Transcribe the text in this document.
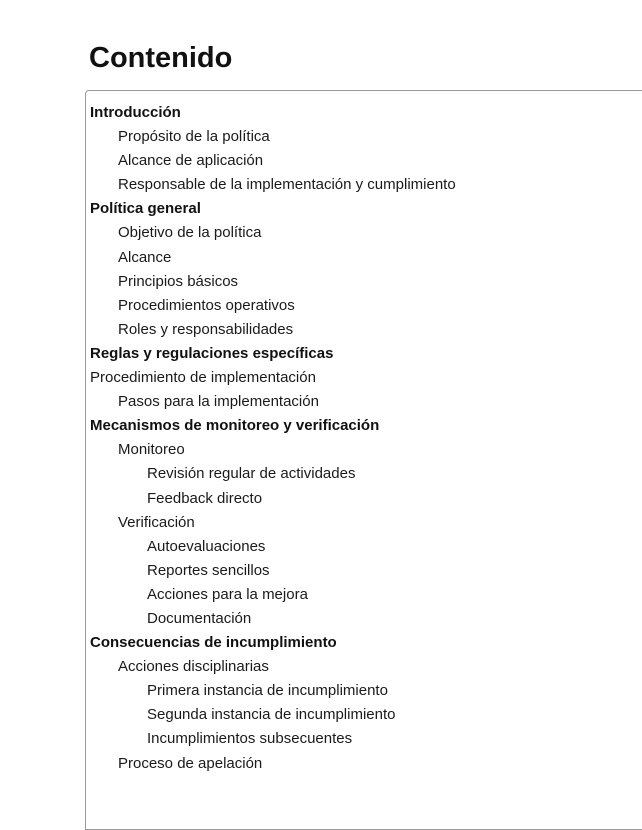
Contenido
Introducción
Propósito de la política
Alcance de aplicación
Responsable de la implementación y cumplimiento
Política general
Objetivo de la política
Alcance
Principios básicos
Procedimientos operativos
Roles y responsabilidades
Reglas y regulaciones específicas
Procedimiento de implementación
Pasos para la implementación
Mecanismos de monitoreo y verificación
Monitoreo
Revisión regular de actividades
Feedback directo
Verificación
Autoevaluaciones
Reportes sencillos
Acciones para la mejora
Documentación
Consecuencias de incumplimiento
Acciones disciplinarias
Primera instancia de incumplimiento
Segunda instancia de incumplimiento
Incumplimientos subsecuentes
Proceso de apelación
